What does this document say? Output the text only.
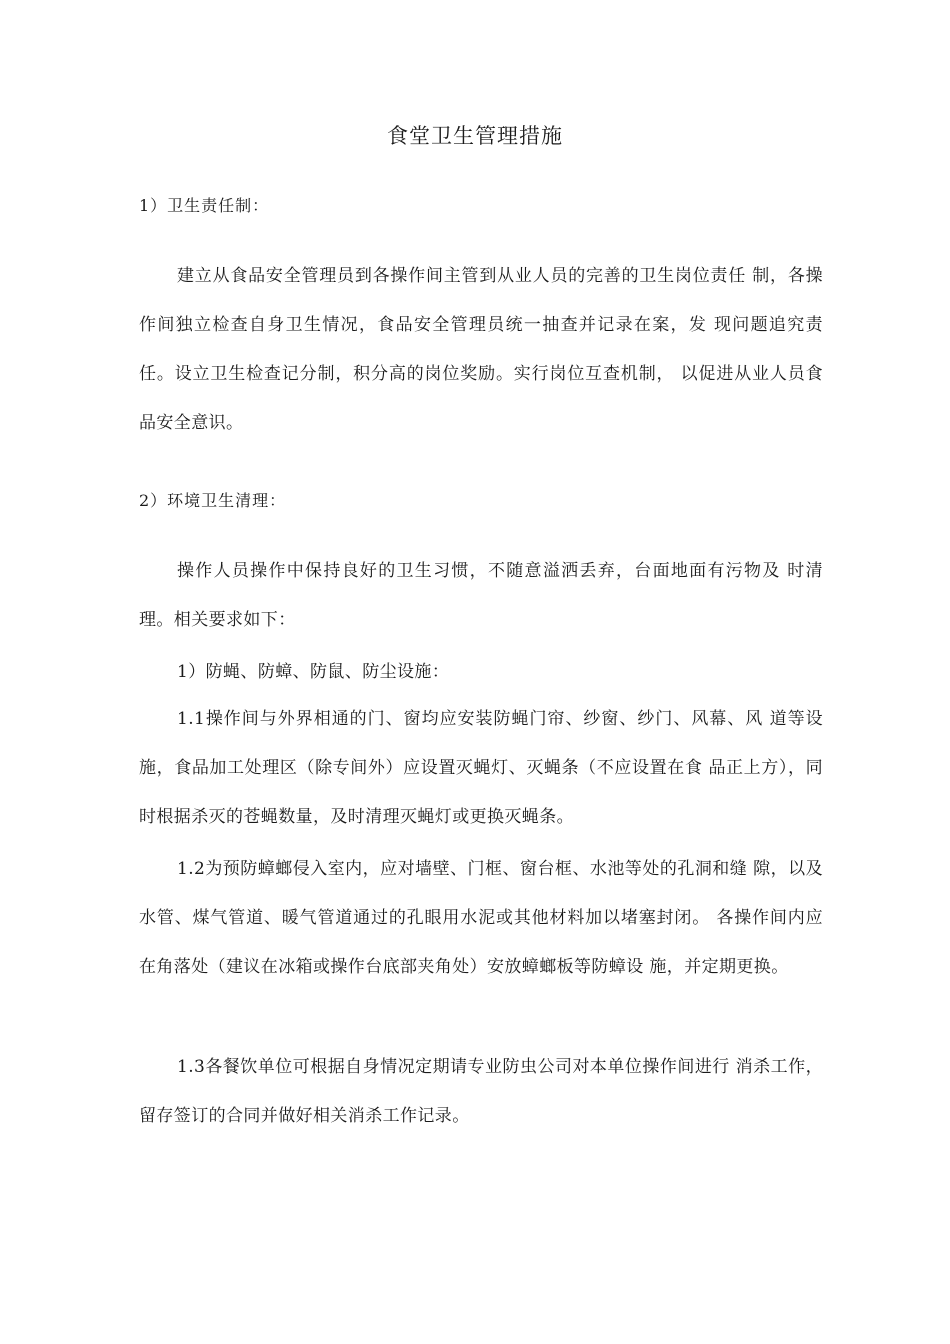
食堂卫生管理措施
1）卫生责任制：
建立从食品安全管理员到各操作间主管到从业人员的完善的卫生岗位责任 制，各操作间独立检查自身卫生情况，食品安全管理员统一抽查并记录在案，发 现问题追究责任。设立卫生检查记分制，积分高的岗位奖励。实行岗位互查机制， 以促进从业人员食品安全意识。
2）环境卫生清理：
操作人员操作中保持良好的卫生习惯，不随意溢洒丢弃，台面地面有污物及 时清理。相关要求如下：
1）防蝇、防蟑、防鼠、防尘设施：
1.1操作间与外界相通的门、窗均应安装防蝇门帘、纱窗、纱门、风幕、风 道等设施，食品加工处理区（除专间外）应设置灭蝇灯、灭蝇条（不应设置在食 品正上方），同时根据杀灭的苍蝇数量，及时清理灭蝇灯或更换灭蝇条。
1.2为预防蟑螂侵入室内，应对墙壁、门框、窗台框、水池等处的孔洞和缝 隙，以及水管、煤气管道、暖气管道通过的孔眼用水泥或其他材料加以堵塞封闭。 各操作间内应在角落处（建议在冰箱或操作台底部夹角处）安放蟑螂板等防蟑设 施，并定期更换。
1.3各餐饮单位可根据自身情况定期请专业防虫公司对本单位操作间进行 消杀工作，留存签订的合同并做好相关消杀工作记录。
